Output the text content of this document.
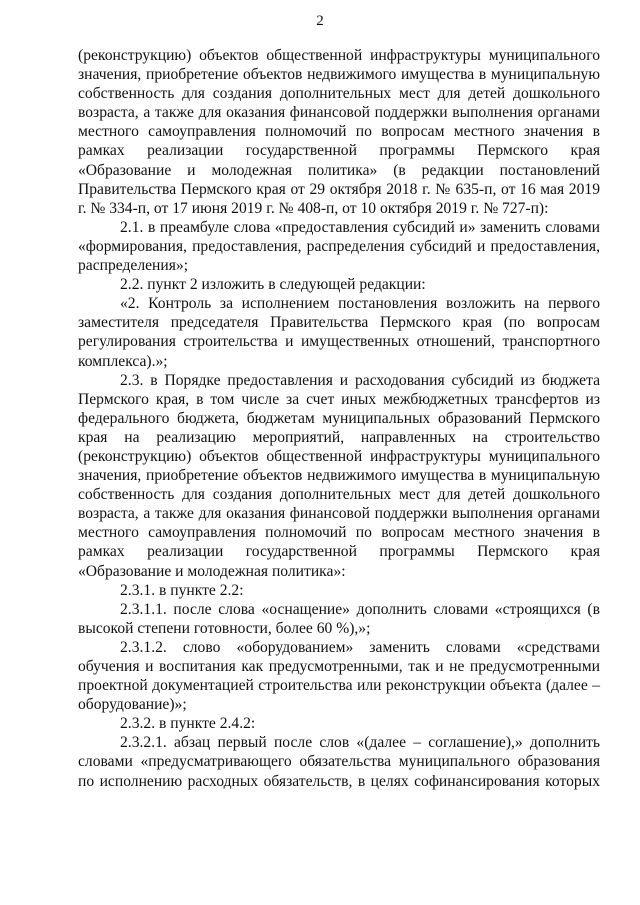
2

(реконструкцию) объектов общественной инфраструктуры муниципального значения, приобретение объектов недвижимого имущества в муниципальную собственность для создания дополнительных мест для детей дошкольного возраста, а также для оказания финансовой поддержки выполнения органами местного самоуправления полномочий по вопросам местного значения в рамках реализации государственной программы Пермского края «Образование и молодежная политика» (в редакции постановлений Правительства Пермского края от 29 октября 2018 г. № 635-п, от 16 мая 2019 г. № 334-п, от 17 июня 2019 г. № 408-п, от 10 октября 2019 г. № 727-п):

2.1. в преамбуле слова «предоставления субсидий и» заменить словами «формирования, предоставления, распределения субсидий и предоставления, распределения»;

2.2. пункт 2 изложить в следующей редакции:

«2. Контроль за исполнением постановления возложить на первого заместителя председателя Правительства Пермского края (по вопросам регулирования строительства и имущественных отношений, транспортного комплекса).»;

2.3. в Порядке предоставления и расходования субсидий из бюджета Пермского края, в том числе за счет иных межбюджетных трансфертов из федерального бюджета, бюджетам муниципальных образований Пермского края на реализацию мероприятий, направленных на строительство (реконструкцию) объектов общественной инфраструктуры муниципального значения, приобретение объектов недвижимого имущества в муниципальную собственность для создания дополнительных мест для детей дошкольного возраста, а также для оказания финансовой поддержки выполнения органами местного самоуправления полномочий по вопросам местного значения в рамках реализации государственной программы Пермского края «Образование и молодежная политика»:

2.3.1. в пункте 2.2:

2.3.1.1. после слова «оснащение» дополнить словами «строящихся (в высокой степени готовности, более 60 %),»;

2.3.1.2. слово «оборудованием» заменить словами «средствами обучения и воспитания как предусмотренными, так и не предусмотренными проектной документацией строительства или реконструкции объекта (далее – оборудование)»;

2.3.2. в пункте 2.4.2:

2.3.2.1. абзац первый после слов «(далее – соглашение),» дополнить словами «предусматривающего обязательства муниципального образования по исполнению расходных обязательств, в целях софинансирования которых
